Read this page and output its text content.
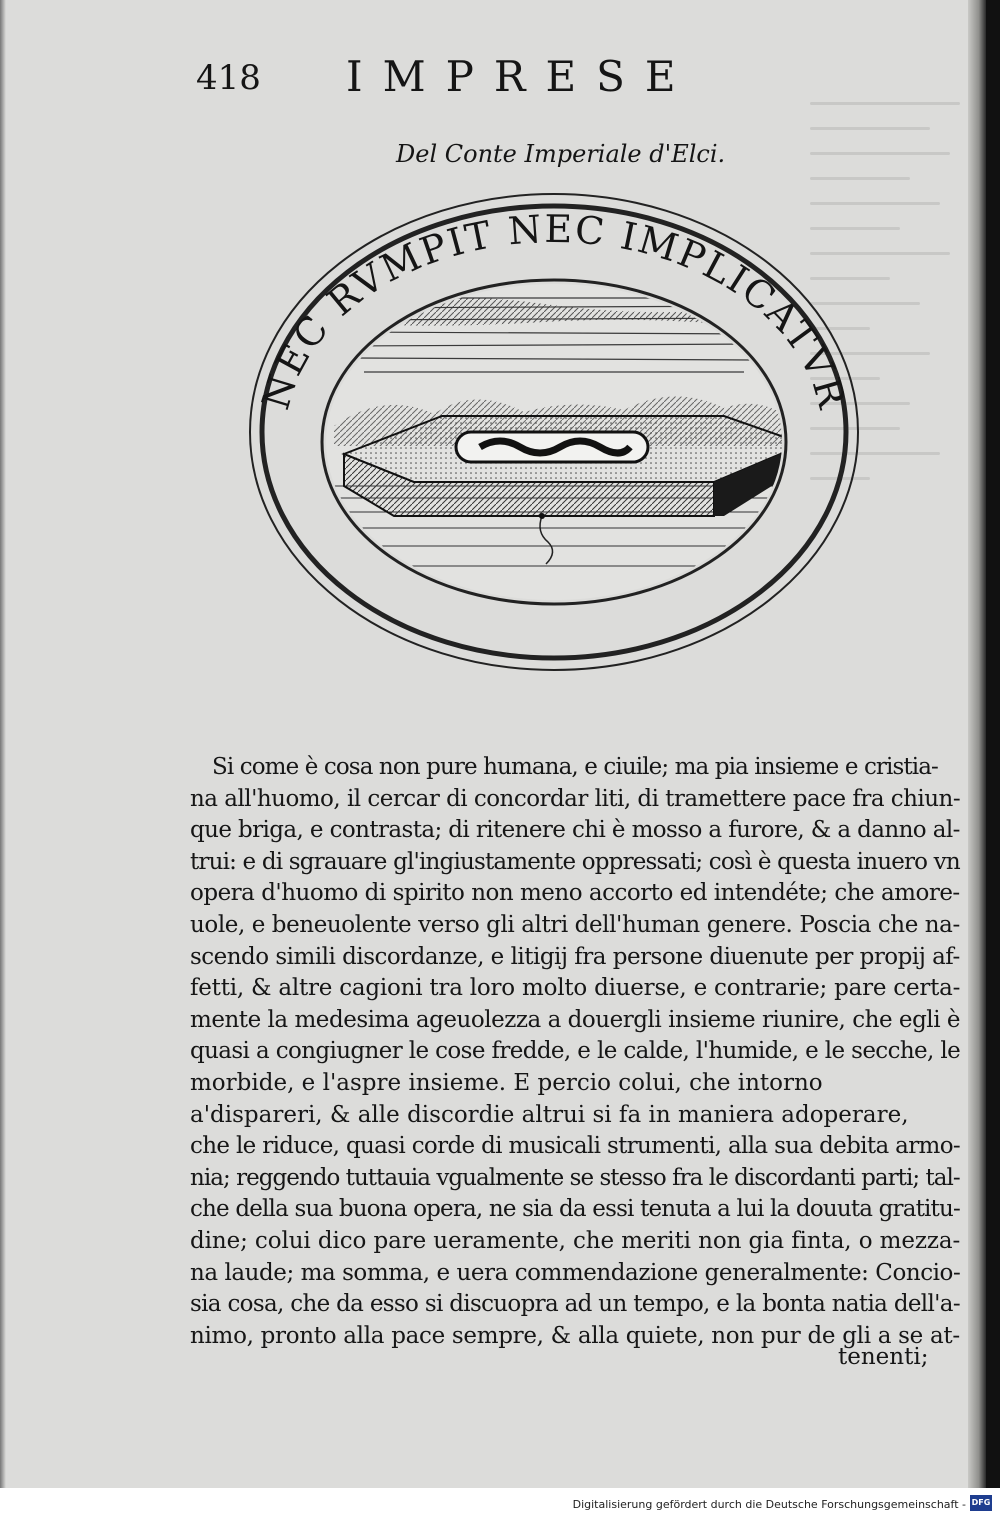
418 IMPRESE
Del Conte Imperiale d'Elci.
NEC RVMPIT NEC IMPLICATVR
Si come è cosa non pure humana, e ciuile; ma pia insieme e cristia-
na all'huomo, il cercar di concordar liti, di tramettere pace fra chiun-
que briga, e contrasta; di ritenere chi è mosso a furore, & a danno al-
trui: e di sgrauare gl'ingiustamente oppressati; così è questa inuero vn
opera d'huomo di spirito non meno accorto ed intendéte; che amore-
uole, e beneuolente verso gli altri dell'human genere. Poscia che na-
scendo simili discordanze, e litigij fra persone diuenute per propij af-
fetti, & altre cagioni tra loro molto diuerse, e contrarie; pare certa-
mente la medesima ageuolezza a douergli insieme riunire, che egli è
quasi a congiugner le cose fredde, e le calde, l'humide, e le secche, le
morbide, e l'aspre insieme. E percio colui, che intorno
a'dispareri, & alle discordie altrui si fa in maniera adoperare,
che le riduce, quasi corde di musicali strumenti, alla sua debita armo-
nia; reggendo tuttauia vgualmente se stesso fra le discordanti parti; tal-
che della sua buona opera, ne sia da essi tenuta a lui la douuta gratitu-
dine; colui dico pare ueramente, che meriti non gia finta, o mezza-
na laude; ma somma, e uera commendazione generalmente: Concio-
sia cosa, che da esso si discuopra ad un tempo, e la bonta natia dell'a-
nimo, pronto alla pace sempre, & alla quiete, non pur de gli a se at-
tenenti;
Digitalisierung gefördert durch die Deutsche Forschungsgemeinschaft - DFG
